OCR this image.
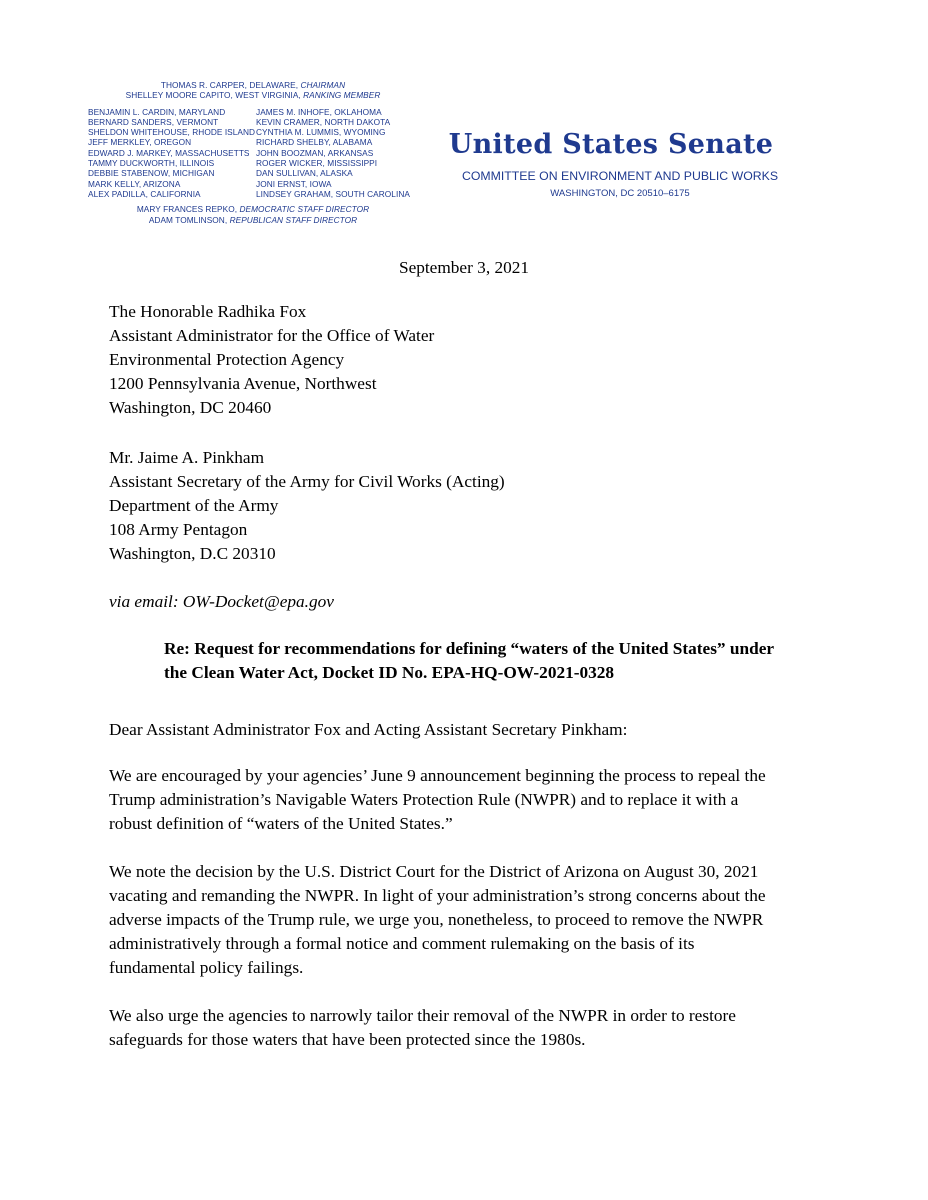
THOMAS R. CARPER, DELAWARE, CHAIRMAN
SHELLEY MOORE CAPITO, WEST VIRGINIA, RANKING MEMBER
BENJAMIN L. CARDIN, MARYLAND
BERNARD SANDERS, VERMONT
SHELDON WHITEHOUSE, RHODE ISLAND
JEFF MERKLEY, OREGON
EDWARD J. MARKEY, MASSACHUSETTS
TAMMY DUCKWORTH, ILLINOIS
DEBBIE STABENOW, MICHIGAN
MARK KELLY, ARIZONA
ALEX PADILLA, CALIFORNIA
JAMES M. INHOFE, OKLAHOMA
KEVIN CRAMER, NORTH DAKOTA
CYNTHIA M. LUMMIS, WYOMING
RICHARD SHELBY, ALABAMA
JOHN BOOZMAN, ARKANSAS
ROGER WICKER, MISSISSIPPI
DAN SULLIVAN, ALASKA
JONI ERNST, IOWA
LINDSEY GRAHAM, SOUTH CAROLINA
MARY FRANCES REPKO, DEMOCRATIC STAFF DIRECTOR
ADAM TOMLINSON, REPUBLICAN STAFF DIRECTOR
United States Senate
COMMITTEE ON ENVIRONMENT AND PUBLIC WORKS
WASHINGTON, DC 20510–6175
September 3, 2021
The Honorable Radhika Fox
Assistant Administrator for the Office of Water
Environmental Protection Agency
1200 Pennsylvania Avenue, Northwest
Washington, DC 20460
Mr. Jaime A. Pinkham
Assistant Secretary of the Army for Civil Works (Acting)
Department of the Army
108 Army Pentagon
Washington, D.C 20310
via email: OW-Docket@epa.gov
Re: Request for recommendations for defining “waters of the United States” under
the Clean Water Act, Docket ID No. EPA-HQ-OW-2021-0328
Dear Assistant Administrator Fox and Acting Assistant Secretary Pinkham:
We are encouraged by your agencies’ June 9 announcement beginning the process to repeal the
Trump administration’s Navigable Waters Protection Rule (NWPR) and to replace it with a
robust definition of “waters of the United States.”
We note the decision by the U.S. District Court for the District of Arizona on August 30, 2021
vacating and remanding the NWPR. In light of your administration’s strong concerns about the
adverse impacts of the Trump rule, we urge you, nonetheless, to proceed to remove the NWPR
administratively through a formal notice and comment rulemaking on the basis of its
fundamental policy failings.
We also urge the agencies to narrowly tailor their removal of the NWPR in order to restore
safeguards for those waters that have been protected since the 1980s.
